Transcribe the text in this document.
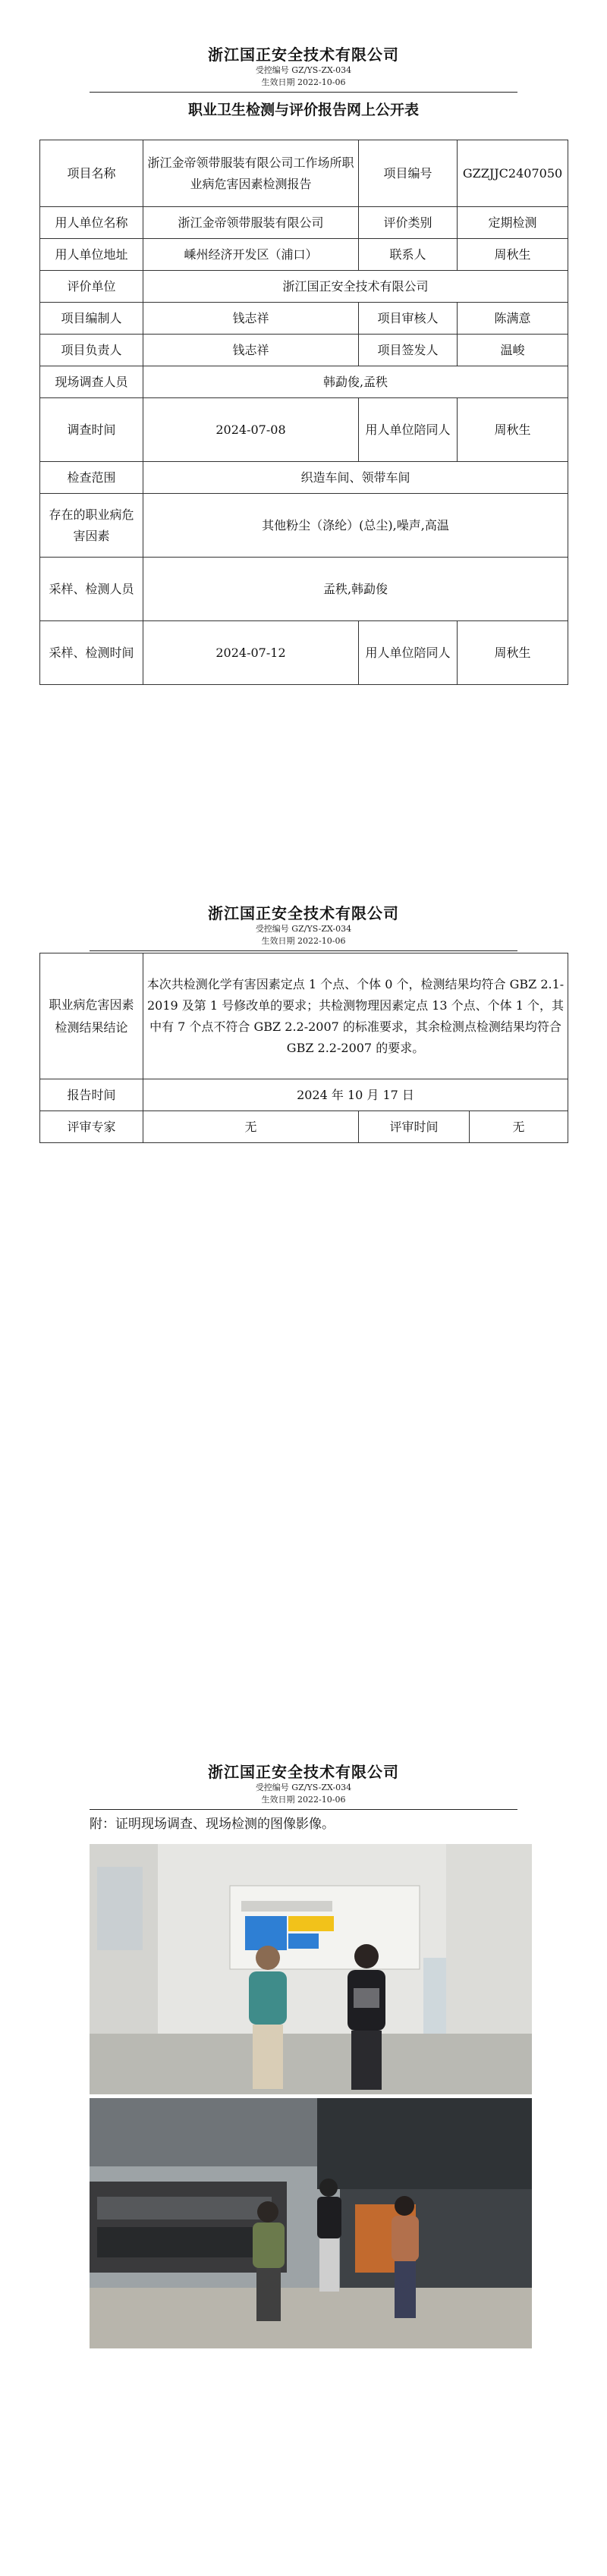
浙江国正安全技术有限公司
受控编号 GZ/YS-ZX-034
生效日期 2022-10-06
职业卫生检测与评价报告网上公开表
项目名称	浙江金帝领带服装有限公司工作场所职业病危害因素检测报告	项目编号	GZZJJC2407050
用人单位名称	浙江金帝领带服装有限公司	评价类别	定期检测
用人单位地址	嵊州经济开发区（浦口）	联系人	周秋生
评价单位	浙江国正安全技术有限公司		
项目编制人	钱志祥	项目审核人	陈满意
项目负责人	钱志祥	项目签发人	温峻
现场调查人员	韩勐俊,孟秩		
调查时间	2024-07-08	用人单位陪同人	周秋生
检查范围	织造车间、领带车间		
存在的职业病危害因素	其他粉尘（涤纶）(总尘),噪声,高温		
采样、检测人员	孟秩,韩勐俊		
采样、检测时间	2024-07-12	用人单位陪同人	周秋生
浙江国正安全技术有限公司
受控编号 GZ/YS-ZX-034
生效日期 2022-10-06
职业病危害因素检测结果结论	本次共检测化学有害因素定点 1 个点、个体 0 个，检测结果均符合 GBZ 2.1-2019 及第 1 号修改单的要求；共检测物理因素定点 13 个点、个体 1 个，其中有 7 个点不符合 GBZ 2.2-2007 的标准要求，其余检测点检测结果均符合 GBZ 2.2-2007 的要求。		
报告时间	2024 年 10 月 17 日		
评审专家	无	评审时间	无
浙江国正安全技术有限公司
受控编号 GZ/YS-ZX-034
生效日期 2022-10-06
附：证明现场调查、现场检测的图像影像。
